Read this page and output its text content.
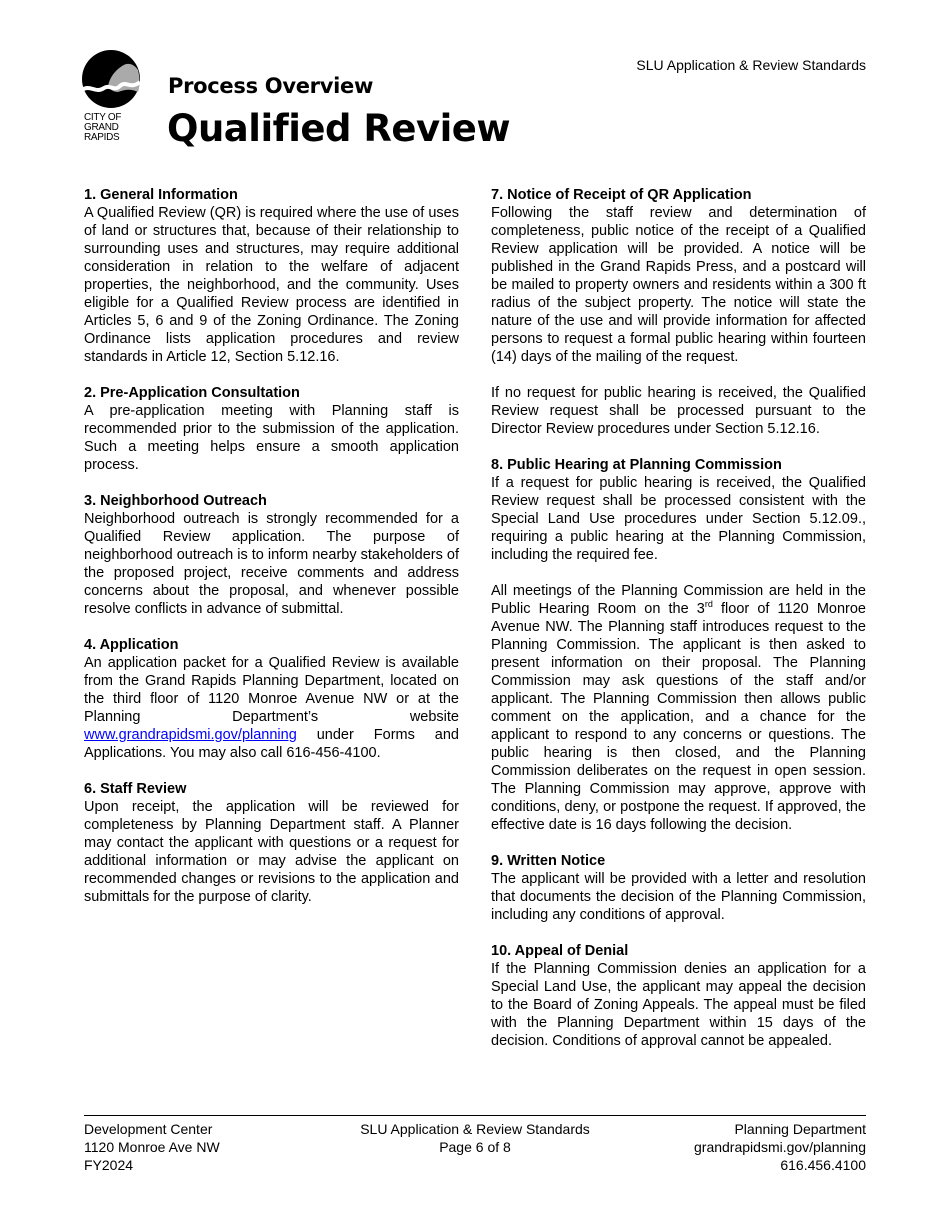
SLU Application & Review Standards
CITY OF
GRAND
RAPIDS
Process Overview
Qualified Review
1. General Information

A Qualified Review (QR) is required where the use of uses of land or structures that, because of their relationship to surrounding uses and structures, may require additional consideration in relation to the welfare of adjacent properties, the neighborhood, and the community. Uses eligible for a Qualified Review process are identified in Articles 5, 6 and 9 of the Zoning Ordinance. The Zoning Ordinance lists application procedures and review standards in Article 12, Section 5.12.16.

2. Pre-Application Consultation

A pre-application meeting with Planning staff is recommended prior to the submission of the application. Such a meeting helps ensure a smooth application process.

3. Neighborhood Outreach

Neighborhood outreach is strongly recommended for a Qualified Review application. The purpose of neighborhood outreach is to inform nearby stakeholders of the proposed project, receive comments and address concerns about the proposal, and whenever possible resolve conflicts in advance of submittal.

4. Application

An application packet for a Qualified Review is available from the Grand Rapids Planning Department, located on the third floor of 1120 Monroe Avenue NW or at the Planning Department’s website www.grandrapidsmi.gov/planning under Forms and Applications. You may also call 616-456-4100.

6. Staff Review

Upon receipt, the application will be reviewed for completeness by Planning Department staff. A Planner may contact the applicant with questions or a request for additional information or may advise the applicant on recommended changes or revisions to the application and submittals for the purpose of clarity.

7. Notice of Receipt of QR Application

Following the staff review and determination of completeness, public notice of the receipt of a Qualified Review application will be provided. A notice will be published in the Grand Rapids Press, and a postcard will be mailed to property owners and residents within a 300 ft radius of the subject property. The notice will state the nature of the use and will provide information for affected persons to request a formal public hearing within fourteen (14) days of the mailing of the request.

If no request for public hearing is received, the Qualified Review request shall be processed pursuant to the Director Review procedures under Section 5.12.16.

8. Public Hearing at Planning Commission

If a request for public hearing is received, the Qualified Review request shall be processed consistent with the Special Land Use procedures under Section 5.12.09., requiring a public hearing at the Planning Commission, including the required fee.

All meetings of the Planning Commission are held in the Public Hearing Room on the 3rd floor of 1120 Monroe Avenue NW. The Planning staff introduces request to the Planning Commission. The applicant is then asked to present information on their proposal. The Planning Commission may ask questions of the staff and/or applicant. The Planning Commission then allows public comment on the application, and a chance for the applicant to respond to any concerns or questions. The public hearing is then closed, and the Planning Commission deliberates on the request in open session. The Planning Commission may approve, approve with conditions, deny, or postpone the request. If approved, the effective date is 16 days following the decision.

9. Written Notice

The applicant will be provided with a letter and resolution that documents the decision of the Planning Commission, including any conditions of approval.

10. Appeal of Denial

If the Planning Commission denies an application for a Special Land Use, the applicant may appeal the decision to the Board of Zoning Appeals. The appeal must be filed with the Planning Department within 15 days of the decision. Conditions of approval cannot be appealed.

Development Center
1120 Monroe Ave NW
FY2024
SLU Application & Review Standards
Page 6 of 8
Planning Department
grandrapidsmi.gov/planning
616.456.4100
